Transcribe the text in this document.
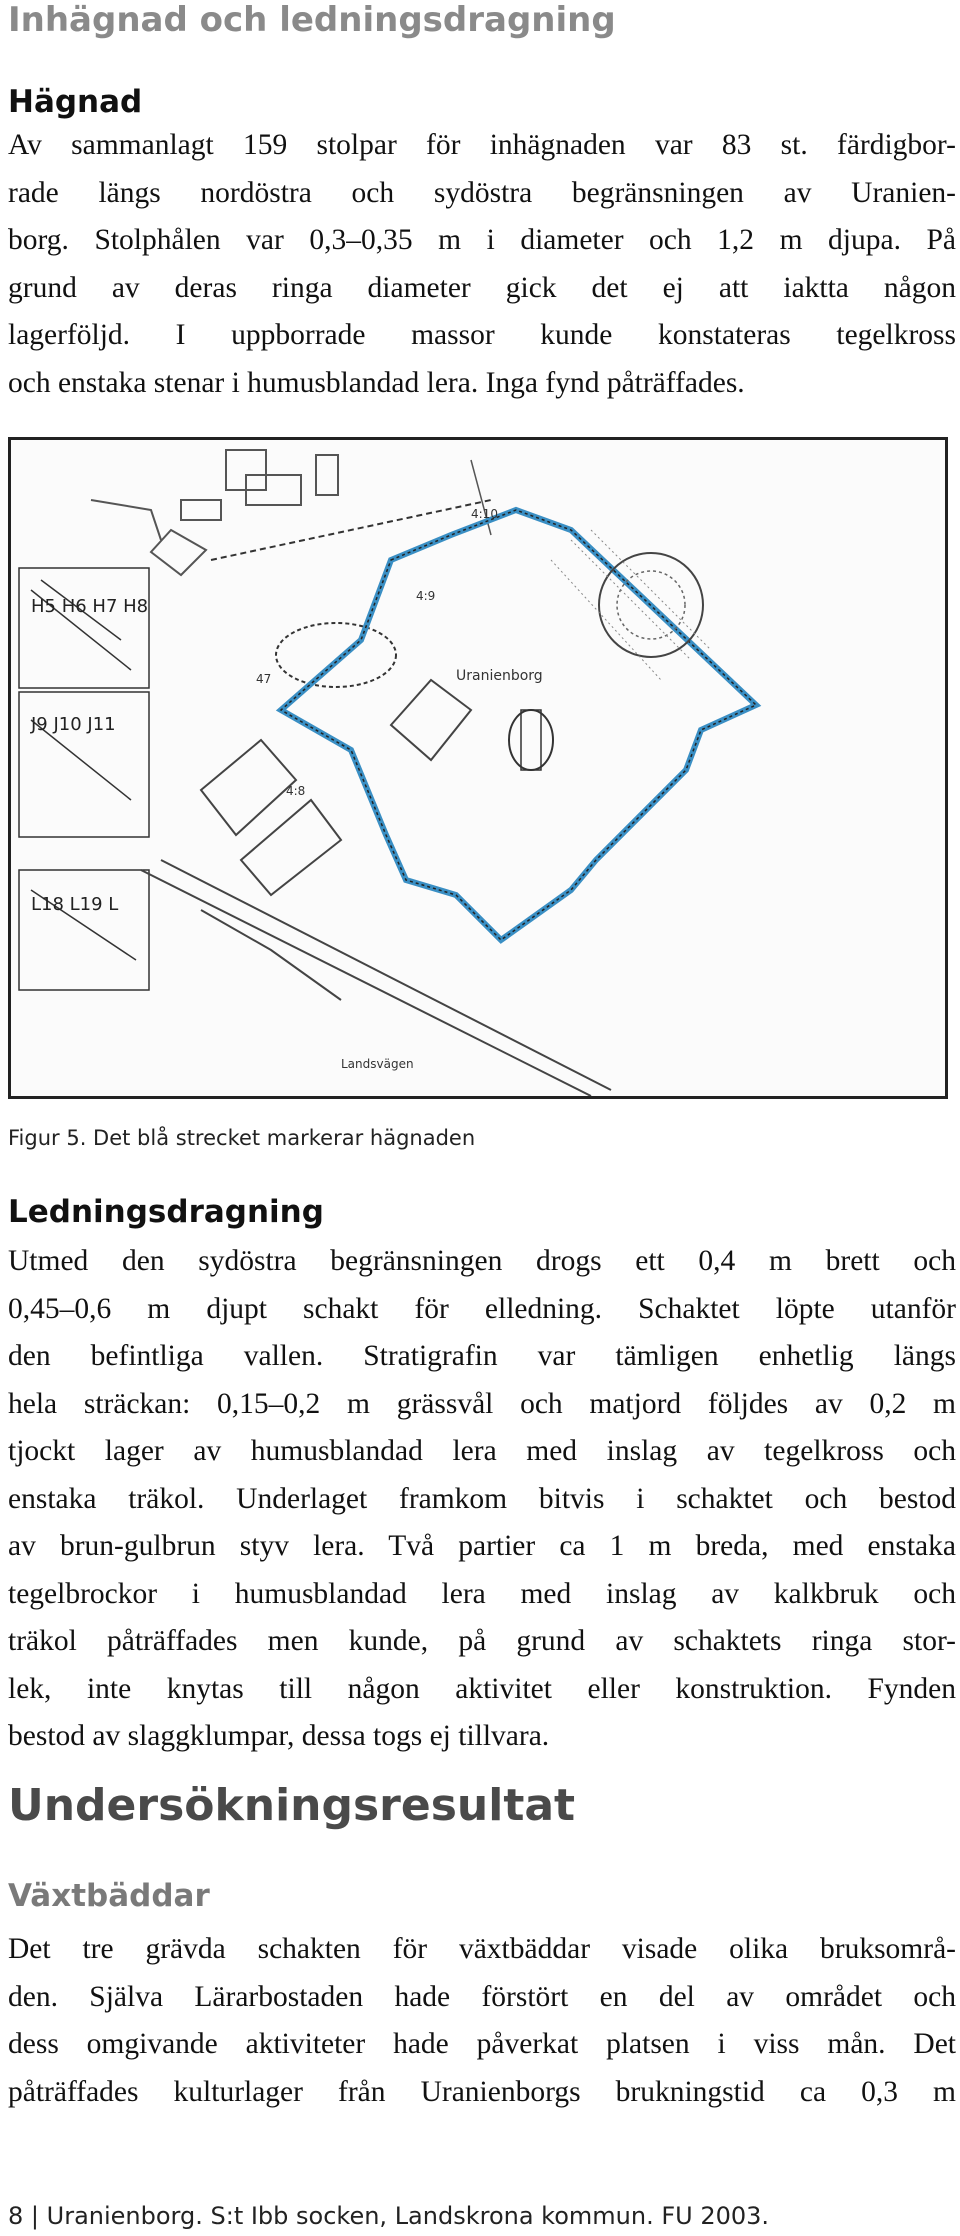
Inhägnad och ledningsdragning
Hägnad
Av sammanlagt 159 stolpar för inhägnaden var 83 st. färdigbor-
rade längs nordöstra och sydöstra begränsningen av Uranien-
borg. Stolphålen var 0,3–0,35 m i diameter och 1,2 m djupa. På
grund av deras ringa diameter gick det ej att iaktta någon
lagerföljd. I uppborrade massor kunde konstateras tegelkross
och enstaka stenar i humusblandad lera. Inga fynd påträffades.
H5 H6 H7 H8
J9 J10 J11
L18 L19 L
Uranienborg
Landsvägen
47
4:8
4:9
4:10
Figur 5. Det blå strecket markerar hägnaden
Ledningsdragning
Utmed den sydöstra begränsningen drogs ett 0,4 m brett och
0,45–0,6 m djupt schakt för elledning. Schaktet löpte utanför
den befintliga vallen. Stratigrafin var tämligen enhetlig längs
hela sträckan: 0,15–0,2 m grässvål och matjord följdes av 0,2 m
tjockt lager av humusblandad lera med inslag av tegelkross och
enstaka träkol. Underlaget framkom bitvis i schaktet och bestod
av brun-gulbrun styv lera. Två partier ca 1 m breda, med enstaka
tegelbrockor i humusblandad lera med inslag av kalkbruk och
träkol påträffades men kunde, på grund av schaktets ringa stor-
lek, inte knytas till någon aktivitet eller konstruktion. Fynden
bestod av slaggklumpar, dessa togs ej tillvara.
Undersökningsresultat
Växtbäddar
Det tre grävda schakten för växtbäddar visade olika bruksområ-
den. Själva Lärarbostaden hade förstört en del av området och
dess omgivande aktiviteter hade påverkat platsen i viss mån. Det
påträffades kulturlager från Uranienborgs brukningstid ca 0,3 m
8 | Uranienborg. S:t Ibb socken, Landskrona kommun. FU 2003.
